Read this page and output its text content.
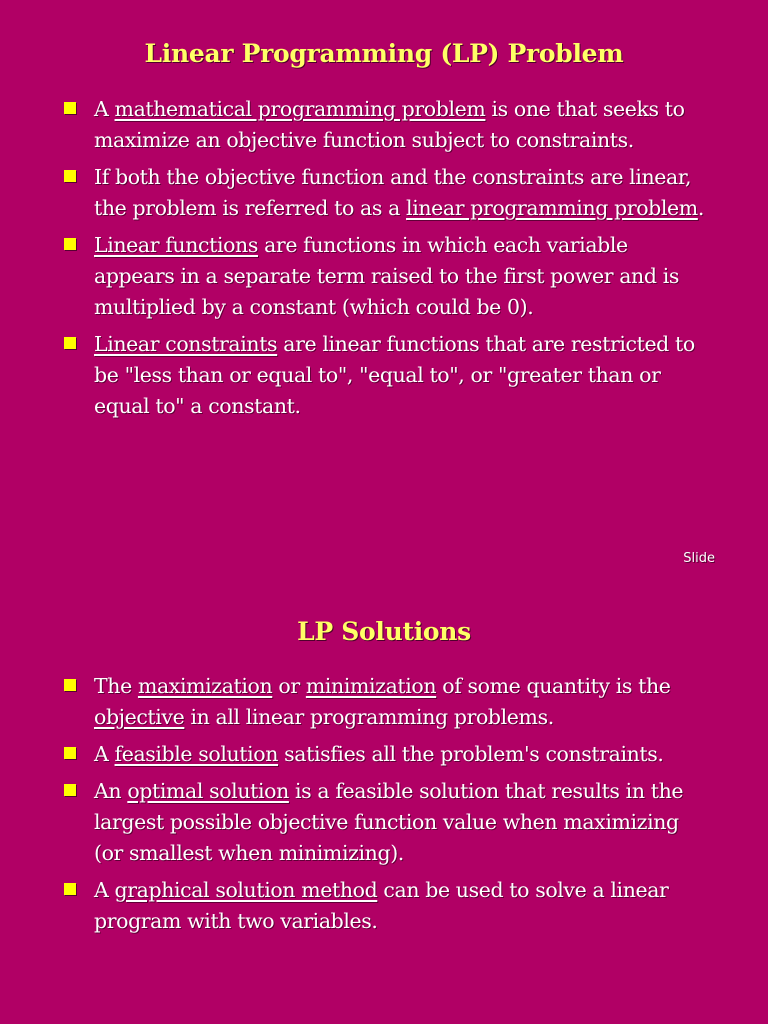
Linear Programming (LP) Problem
A mathematical programming problem is one that seeks to maximize an objective function subject to constraints.
If both the objective function and the constraints are linear, the problem is referred to as a linear programming problem.
Linear functions are functions in which each variable appears in a separate term raised to the first power and is multiplied by a constant (which could be 0).
Linear constraints are linear functions that are restricted to be "less than or equal to", "equal to", or "greater than or equal to" a constant.
Slide
LP Solutions
The maximization or minimization of some quantity is the objective in all linear programming problems.
A feasible solution satisfies all the problem's constraints.
An optimal solution is a feasible solution that results in the largest possible objective function value when maximizing (or smallest when minimizing).
A graphical solution method can be used to solve a linear program with two variables.
